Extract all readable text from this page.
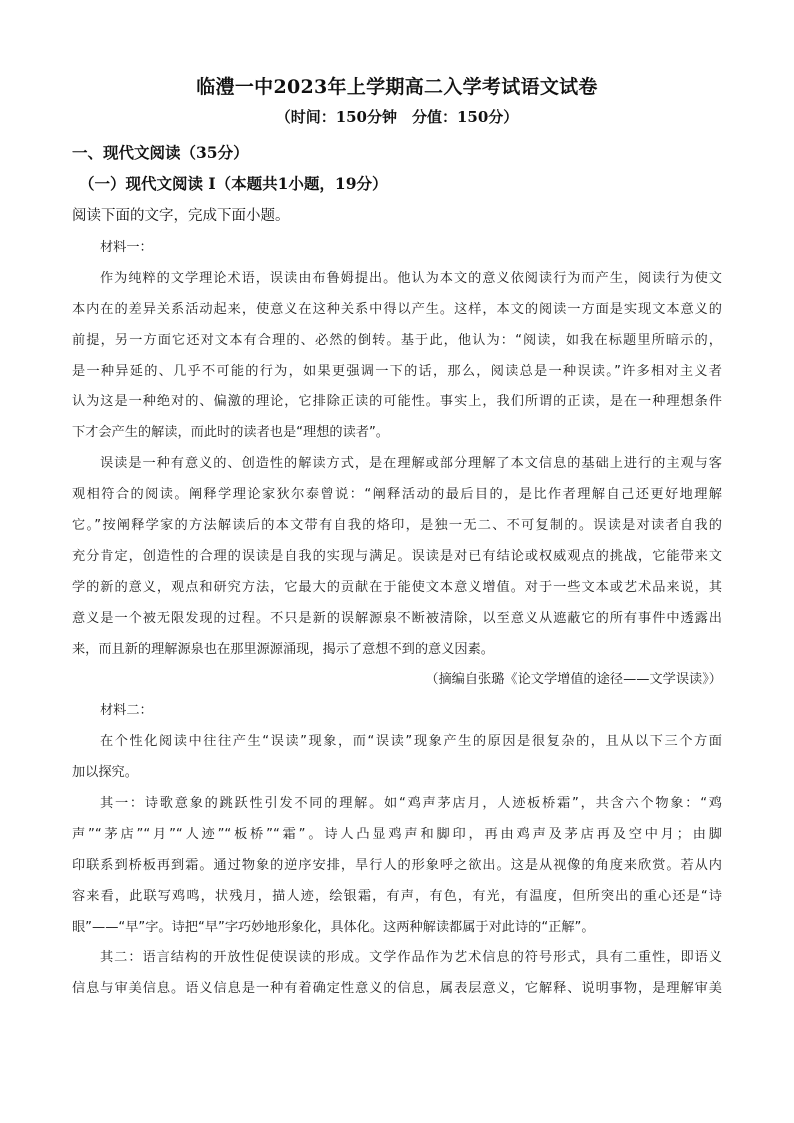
临澧一中2023年上学期高二入学考试语文试卷
（时间：150分钟　分值：150分）
一、现代文阅读（35分）
（一）现代文阅读 I（本题共1小题，19分）
阅读下面的文字，完成下面小题。
材料一：
作为纯粹的文学理论术语，误读由布鲁姆提出。他认为本文的意义依阅读行为而产生，阅读行为使文
本内在的差异关系活动起来，使意义在这种关系中得以产生。这样，本文的阅读一方面是实现文本意义的
前提，另一方面它还对文本有合理的、必然的倒转。基于此，他认为：“阅读，如我在标题里所暗示的，
是一种异延的、几乎不可能的行为，如果更强调一下的话，那么，阅读总是一种误读。”许多相对主义者
认为这是一种绝对的、偏激的理论，它排除正读的可能性。事实上，我们所谓的正读，是在一种理想条件
下才会产生的解读，而此时的读者也是“理想的读者”。
误读是一种有意义的、创造性的解读方式，是在理解或部分理解了本文信息的基础上进行的主观与客
观相符合的阅读。阐释学理论家狄尔泰曾说：“阐释活动的最后目的，是比作者理解自己还更好地理解
它。”按阐释学家的方法解读后的本文带有自我的烙印，是独一无二、不可复制的。误读是对读者自我的
充分肯定，创造性的合理的误读是自我的实现与满足。误读是对已有结论或权威观点的挑战，它能带来文
学的新的意义，观点和研究方法，它最大的贡献在于能使文本意义增值。对于一些文本或艺术品来说，其
意义是一个被无限发现的过程。不只是新的误解源泉不断被清除，以至意义从遮蔽它的所有事件中透露出
来，而且新的理解源泉也在那里源源涌现，揭示了意想不到的意义因素。
（摘编自张璐《论文学增值的途径——文学误读》）
材料二：
在个性化阅读中往往产生“误读”现象，而“误读”现象产生的原因是很复杂的，且从以下三个方面
加以探究。
其一：诗歌意象的跳跃性引发不同的理解。如“鸡声茅店月，人迹板桥霜”，共含六个物象：“鸡
声”“茅店”“月”“人迹”“板桥”“霜”。诗人凸显鸡声和脚印，再由鸡声及茅店再及空中月；由脚
印联系到桥板再到霜。通过物象的逆序安排，旱行人的形象呼之欲出。这是从视像的角度来欣赏。若从内
容来看，此联写鸡鸣，状残月，描人迹，绘银霜，有声，有色，有光，有温度，但所突出的重心还是“诗
眼”——“早”字。诗把“早”字巧妙地形象化，具体化。这两种解读都属于对此诗的“正解”。
其二：语言结构的开放性促使误读的形成。文学作品作为艺术信息的符号形式，具有二重性，即语义
信息与审美信息。语义信息是一种有着确定性意义的信息，属表层意义，它解释、说明事物，是理解审美
